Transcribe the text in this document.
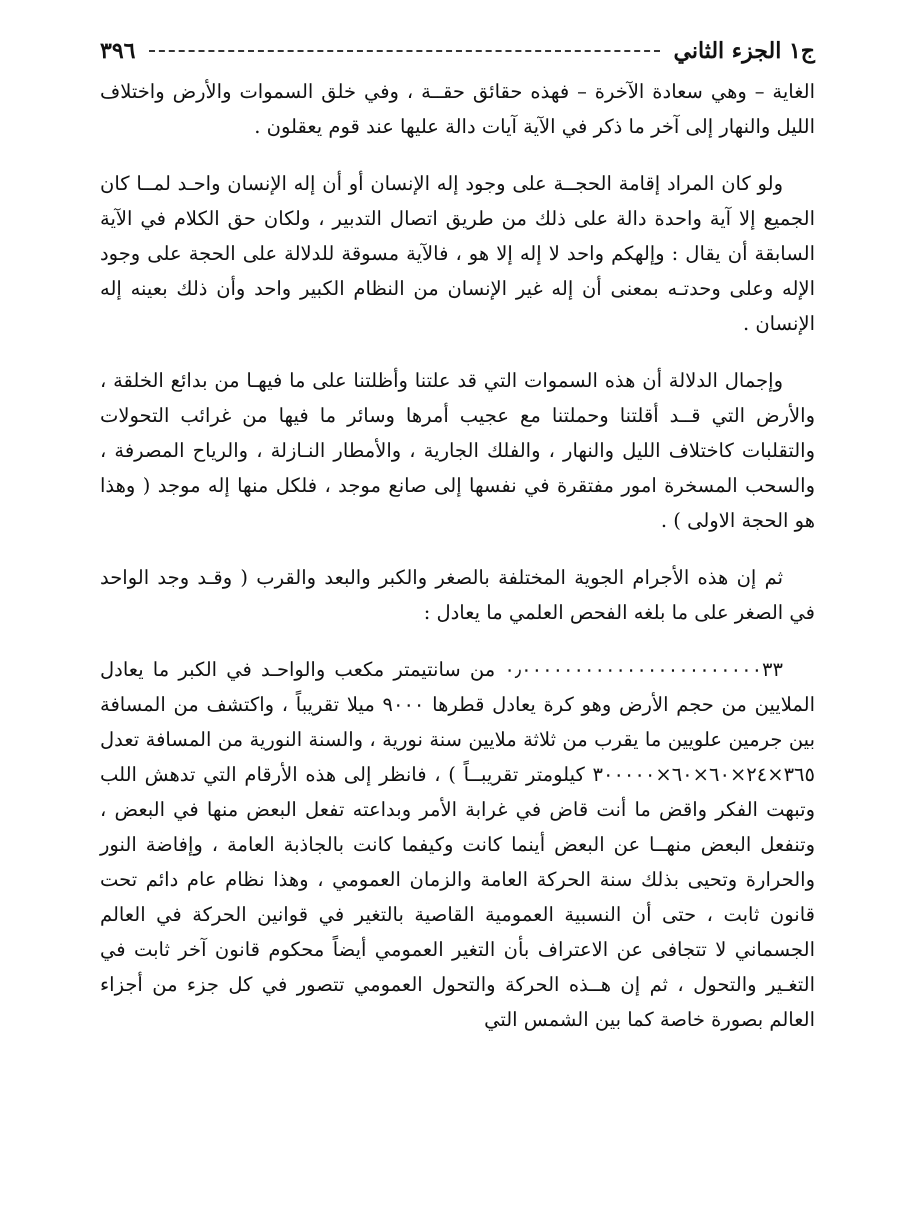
ج١ الجزء الثاني
٣٩٦

الغاية – وهي سعادة الآخرة – فهذه حقائق حقــة ، وفي خلق السموات والأرض واختلاف الليل والنهار إلى آخر ما ذكر في الآية آيات دالة عليها عند قوم يعقلون .

ولو كان المراد إقامة الحجــة على وجود إله الإنسان أو أن إله الإنسان واحـد لمــا كان الجميع إلا آية واحدة دالة على ذلك من طريق اتصال التدبير ، ولكان حق الكلام في الآية السابقة أن يقال : وإلهكم واحد لا إله إلا هو ، فالآية مسوقة للدلالة على الحجة على وجود الإله وعلى وحدتـه بمعنى أن إله غير الإنسان من النظام الكبير واحد وأن ذلك بعينه إله الإنسان .

وإجمال الدلالة أن هذه السموات التي قد علتنا وأظلتنا على ما فيهـا من بدائع الخلقة ، والأرض التي قــد أقلتنا وحملتنا مع عجيب أمرها وسائر ما فيها من غرائب التحولات والتقلبات كاختلاف الليل والنهار ، والفلك الجارية ، والأمطار النـازلة ، والرياح المصرفة ، والسحب المسخرة امور مفتقرة في نفسها إلى صانع موجد ، فلكل منها إله موجد ( وهذا هو الحجة الاولى ) .

ثم إن هذه الأجرام الجوية المختلفة بالصغر والكبر والبعد والقرب ( وقـد وجد الواحد في الصغر على ما بلغه الفحص العلمي ما يعادل :

٠٫٠٠٠٠٠٠٠٠٠٠٠٠٠٠٠٠٠٠٠٠٠٠٠٣٣ من سانتيمتر مكعب والواحـد في الكبر ما يعادل الملايين من حجم الأرض وهو كرة يعادل قطرها ٩٠٠٠ ميلا تقريباً ، واكتشف من المسافة بين جرمين علويين ما يقرب من ثلاثة ملايين سنة نورية ، والسنة النورية من المسافة تعدل ٣٦٥×٢٤×٦٠×٦٠×٣٠٠٠٠٠ كيلومتر تقريبــاً ) ، فانظر إلى هذه الأرقام التي تدهش اللب وتبهت الفكر واقض ما أنت قاض في غرابة الأمر وبداعته تفعل البعض منها في البعض ، وتنفعل البعض منهــا عن البعض أينما كانت وكيفما كانت بالجاذبة العامة ، وإفاضة النور والحرارة وتحيى بذلك سنة الحركة العامة والزمان العمومي ، وهذا نظام عام دائم تحت قانون ثابت ، حتى أن النسبية العمومية القاصية بالتغير في قوانين الحركة في العالم الجسماني لا تتجافى عن الاعتراف بأن التغير العمومي أيضاً محكوم قانون آخر ثابت في التغـير والتحول ، ثم إن هــذه الحركة والتحول العمومي تتصور في كل جزء من أجزاء العالم بصورة خاصة كما بين الشمس التي
